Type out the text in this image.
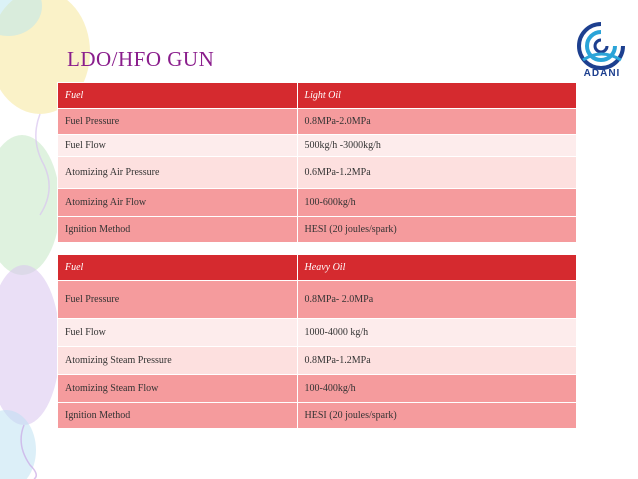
LDO/HFO GUN
ADANI
Fuel	Light Oil
Fuel Pressure	0.8MPa-2.0MPa
Fuel Flow	500kg/h -3000kg/h
Atomizing Air Pressure	0.6MPa-1.2MPa
Atomizing Air Flow	100-600kg/h
Ignition Method	HESI (20 joules/spark)
Fuel	Heavy Oil
Fuel Pressure	0.8MPa- 2.0MPa
Fuel Flow	1000-4000 kg/h
Atomizing Steam Pressure	0.8MPa-1.2MPa
Atomizing Steam Flow	100-400kg/h
Ignition Method	HESI (20 joules/spark)
